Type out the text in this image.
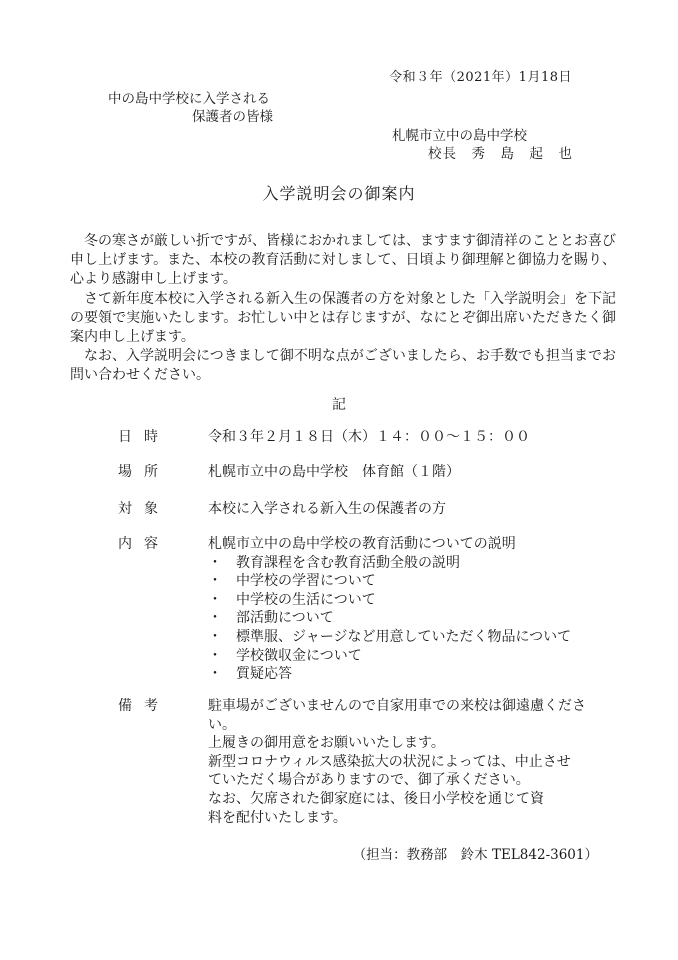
令和３年（2021年）1月18日
中の島中学校に入学される
保護者の皆様
札幌市立中の島中学校
校長　秀　島　起　也
入学説明会の御案内

冬の寒さが厳しい折ですが、皆様におかれましては、ますます御清祥のこととお喜び申し上げます。また、本校の教育活動に対しまして、日頃より御理解と御協力を賜り、心より感謝申し上げます。

さて新年度本校に入学される新入生の保護者の方を対象とした「入学説明会」を下記の要領で実施いたします。お忙しい中とは存じますが、なにとぞ御出席いただきたく御案内申し上げます。

なお、入学説明会につきまして御不明な点がございましたら、お手数でも担当までお問い合わせください。

記
日 時	令和３年２月１８日（木）１４：００〜１５：００
場 所	札幌市立中の島中学校　体育館（１階）
対 象	本校に入学される新入生の保護者の方
内 容	札幌市立中の島中学校の教育活動についての説明
・　教育課程を含む教育活動全般の説明
・　中学校の学習について
・　中学校の生活について
・　部活動について
・　標準服、ジャージなど用意していただく物品について
・　学校徴収金について
・　質疑応答
備 考	駐車場がございませんので自家用車での来校は御遠慮くださ
い。
上履きの御用意をお願いいたします。
新型コロナウィルス感染拡大の状況によっては、中止させ
ていただく場合がありますので、御了承ください。
なお、欠席された御家庭には、後日小学校を通じて資
料を配付いたします。
（担当：教務部　鈴木 TEL842-3601）
